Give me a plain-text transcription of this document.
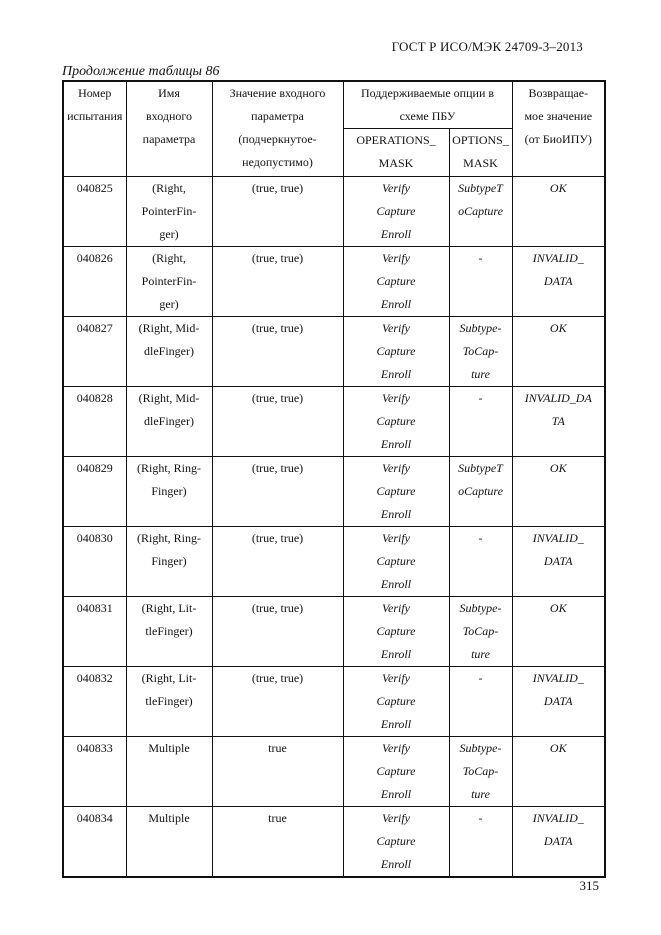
ГОСТ Р ИСО/МЭК 24709-3–2013
Продолжение таблицы 86
Номер
испытания	Имя
входного
параметра	Значение входного
параметра
(подчеркнутое-
недопустимо)	Поддерживаемые опции в
схеме ПБУ		Возвращае-
мое значение
(от БиоИПУ)

			OPERATIONS_
MASK	OPTIONS_
MASK	

040825	(Right,
PointerFin-
ger)	(true, true)	Verify
Capture
Enroll	SubtypeT
oCapture	OK

040826	(Right,
PointerFin-
ger)	(true, true)	Verify
Capture
Enroll	-	INVALID_
DATA

040827	(Right, Mid-
dleFinger)	(true, true)	Verify
Capture
Enroll	Subtype-
ToCap-
ture	OK

040828	(Right, Mid-
dleFinger)	(true, true)	Verify
Capture
Enroll	-	INVALID_DA
TA

040829	(Right, Ring-
Finger)	(true, true)	Verify
Capture
Enroll	SubtypeT
oCapture	OK

040830	(Right, Ring-
Finger)	(true, true)	Verify
Capture
Enroll	-	INVALID_
DATA

040831	(Right, Lit-
tleFinger)	(true, true)	Verify
Capture
Enroll	Subtype-
ToCap-
ture	OK

040832	(Right, Lit-
tleFinger)	(true, true)	Verify
Capture
Enroll	-	INVALID_
DATA

040833	Multiple	true	Verify
Capture
Enroll	Subtype-
ToCap-
ture	OK

040834	Multiple	true	Verify
Capture
Enroll	-	INVALID_
DATA
315
